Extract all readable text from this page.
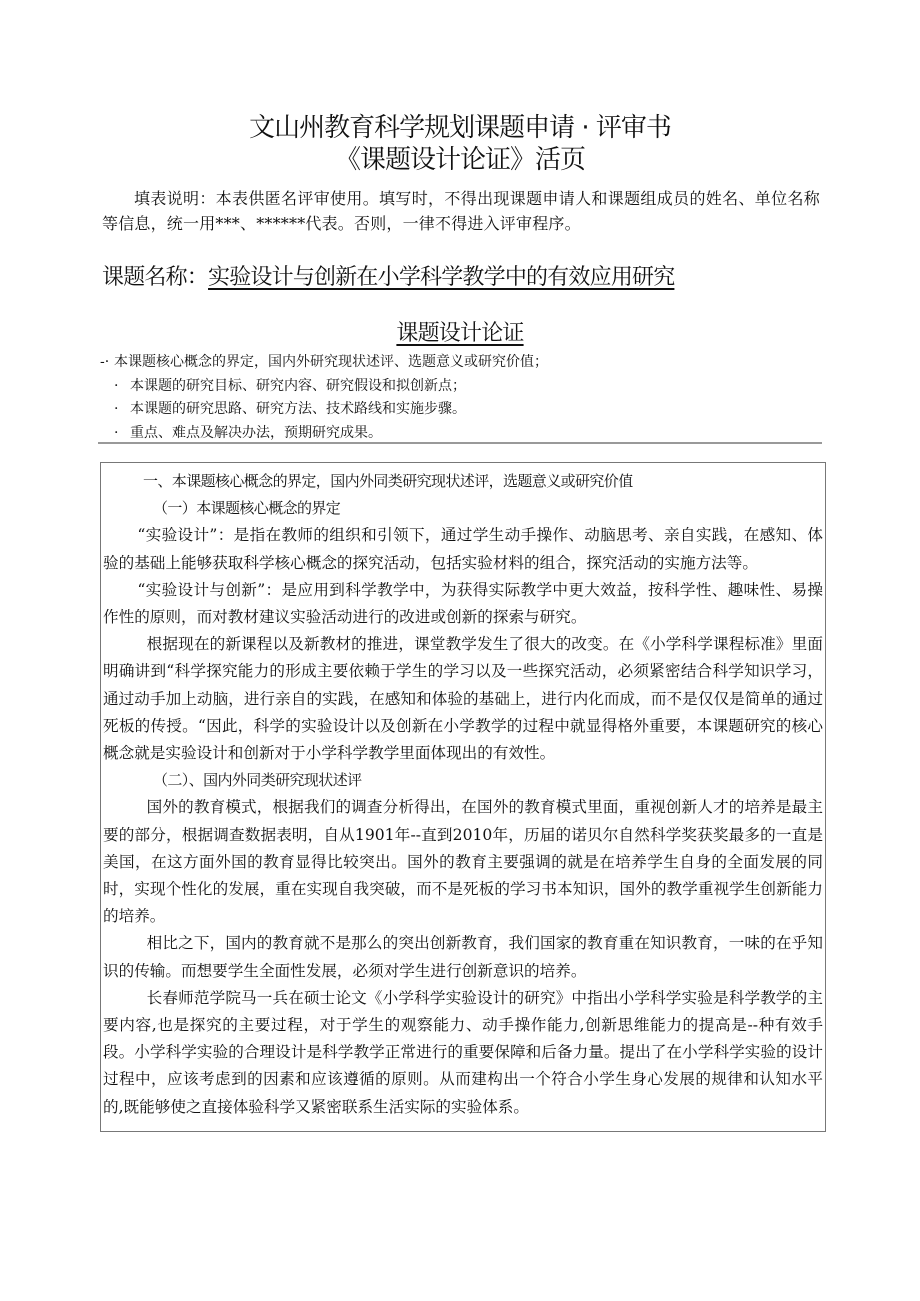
文山州教育科学规划课题申请 · 评审书
《课题设计论证》活页
填表说明：本表供匿名评审使用。填写时，不得出现课题申请人和课题组成员的姓名、单位名称等信息，统一用***、******代表。否则，一律不得进入评审程序。
课题名称：实验设计与创新在小学科学教学中的有效应用研究
课题设计论证
-· 本课题核心概念的界定，国内外研究现状述评、选题意义或研究价值；
· 本课题的研究目标、研究内容、研究假设和拟创新点；
· 本课题的研究思路、研究方法、技术路线和实施步骤。
· 重点、难点及解决办法，预期研究成果。

一、本课题核心概念的界定，国内外同类研究现状述评，选题意义或研究价值

（一）本课题核心概念的界定

“实验设计”：是指在教师的组织和引领下，通过学生动手操作、动脑思考、亲自实践，在感知、体验的基础上能够获取科学核心概念的探究活动，包括实验材料的组合，探究活动的实施方法等。

“实验设计与创新”：是应用到科学教学中，为获得实际教学中更大效益，按科学性、趣味性、易操作性的原则，而对教材建议实验活动进行的改进或创新的探索与研究。

根据现在的新课程以及新教材的推进，课堂教学发生了很大的改变。在《小学科学课程标准》里面明确讲到“科学探究能力的形成主要依赖于学生的学习以及一些探究活动，必须紧密结合科学知识学习，通过动手加上动脑，进行亲自的实践，在感知和体验的基础上，进行内化而成，而不是仅仅是简单的通过死板的传授。“因此，科学的实验设计以及创新在小学教学的过程中就显得格外重要，本课题研究的核心概念就是实验设计和创新对于小学科学教学里面体现出的有效性。

（二）、国内外同类研究现状述评

国外的教育模式，根据我们的调查分析得出，在国外的教育模式里面，重视创新人才的培养是最主要的部分，根据调查数据表明，自从1901年--直到2010年，历届的诺贝尔自然科学奖获奖最多的一直是美国，在这方面外国的教育显得比较突出。国外的教育主要强调的就是在培养学生自身的全面发展的同时，实现个性化的发展，重在实现自我突破，而不是死板的学习书本知识，国外的教学重视学生创新能力的培养。

相比之下，国内的教育就不是那么的突出创新教育，我们国家的教育重在知识教育，一味的在乎知识的传输。而想要学生全面性发展，必须对学生进行创新意识的培养。

长春师范学院马一兵在硕士论文《小学科学实验设计的研究》中指出小学科学实验是科学教学的主要内容,也是探究的主要过程，对于学生的观察能力、动手操作能力,创新思维能力的提高是--种有效手段。小学科学实验的合理设计是科学教学正常进行的重要保障和后备力量。提出了在小学科学实验的设计过程中，应该考虑到的因素和应该遵循的原则。从而建构出一个符合小学生身心发展的规律和认知水平的,既能够使之直接体验科学又紧密联系生活实际的实验体系。
